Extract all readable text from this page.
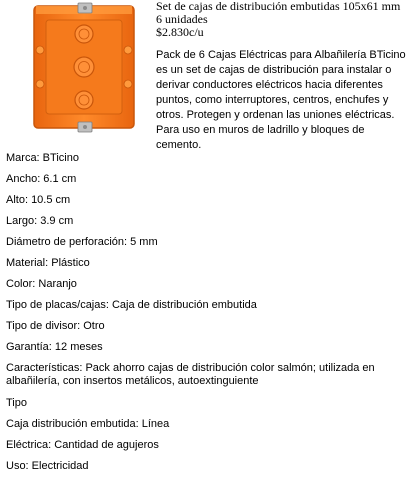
Set de cajas de distribución embutidas 105x61 mm
6 unidades
$2.830c/u
Pack de 6 Cajas Eléctricas para Albañilería BTicino es un set de cajas de distribución para instalar o derivar conductores eléctricos hacia diferentes puntos, como interruptores, centros, enchufes y otros. Protegen y ordenan las uniones eléctricas. Para uso en muros de ladrillo y bloques de cemento.
Marca: BTicino
Ancho: 6.1 cm
Alto: 10.5 cm
Largo: 3.9 cm
Diámetro de perforación: 5 mm
Material: Plástico
Color: Naranjo
Tipo de placas/cajas: Caja de distribución embutida
Tipo de divisor: Otro
Garantía: 12 meses
Características: Pack ahorro cajas de distribución color salmón; utilizada en albañilería, con insertos metálicos, autoextinguiente
Tipo
Caja distribución embutida: Línea
Eléctrica: Cantidad de agujeros
Uso: Electricidad
